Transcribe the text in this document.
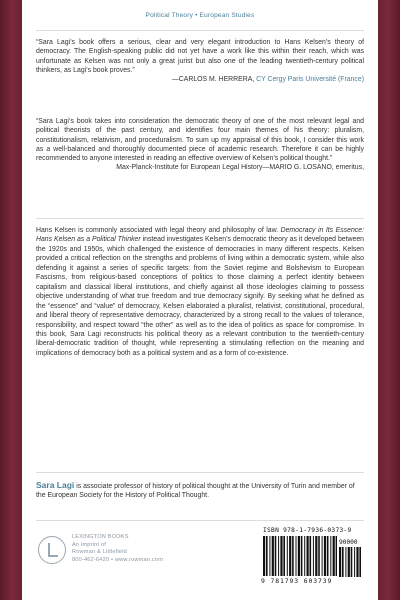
Political Theory • European Studies
“Sara Lagi’s book offers a serious, clear and very elegant introduction to Hans Kelsen’s theory of democracy. The English-speaking public did not yet have a work like this within their reach, which was unfortunate as Kelsen was not only a great jurist but also one of the leading twentieth-century political thinkers, as Lagi’s book proves.”
—CARLOS M. HERRERA, CY Cergy Paris Université (France)
“Sara Lagi’s book takes into consideration the democratic theory of one of the most relevant legal and political theorists of the past century, and identifies four main themes of his theory: pluralism, constitutionalism, relativism, and proceduralism. To sum up my appraisal of this book, I consider this work as a well-balanced and thoroughly documented piece of academic research. Therefore it can be highly recommended to anyone interested in reading an effective overview of Kelsen’s political thought.”
—MARIO G. LOSANO, emeritus,
Max-Planck-Institute for European Legal History
Hans Kelsen is commonly associated with legal theory and philosophy of law. Democracy in Its Essence: Hans Kelsen as a Political Thinker instead investigates Kelsen’s democratic theory as it developed between the 1920s and 1950s, which challenged the existence of democracies in many different respects. Kelsen provided a critical reflection on the strengths and problems of living within a democratic system, while also defending it against a series of specific targets: from the Soviet regime and Bolshevism to European Fascisms, from religious-based conceptions of politics to those claiming a perfect identity between capitalism and classical liberal institutions, and chiefly against all those ideologies claiming to possess objective understanding of what true freedom and true democracy signify. By seeking what he defined as the “essence” and “value” of democracy, Kelsen elaborated a pluralist, relativist, constitutional, procedural, and liberal theory of representative democracy, characterized by a strong recall to the values of tolerance, responsibility, and respect toward “the other” as well as to the idea of politics as space for compromise. In this book, Sara Lagi reconstructs his political theory as a relevant contribution to the twentieth-century liberal-democratic tradition of thought, while representing a stimulating reflection on the meaning and implications of democracy both as a political system and as a form of co-existence.
Sara Lagi is associate professor of history of political thought at the University of Turin and member of the European Society for the History of Political Thought.
LEXINGTON BOOKS
An imprint of
Rowman & Littlefield
800-462-6420 • www.rowman.com
ISBN 978-1-7936-0373-9
90000
9 781793 603739
